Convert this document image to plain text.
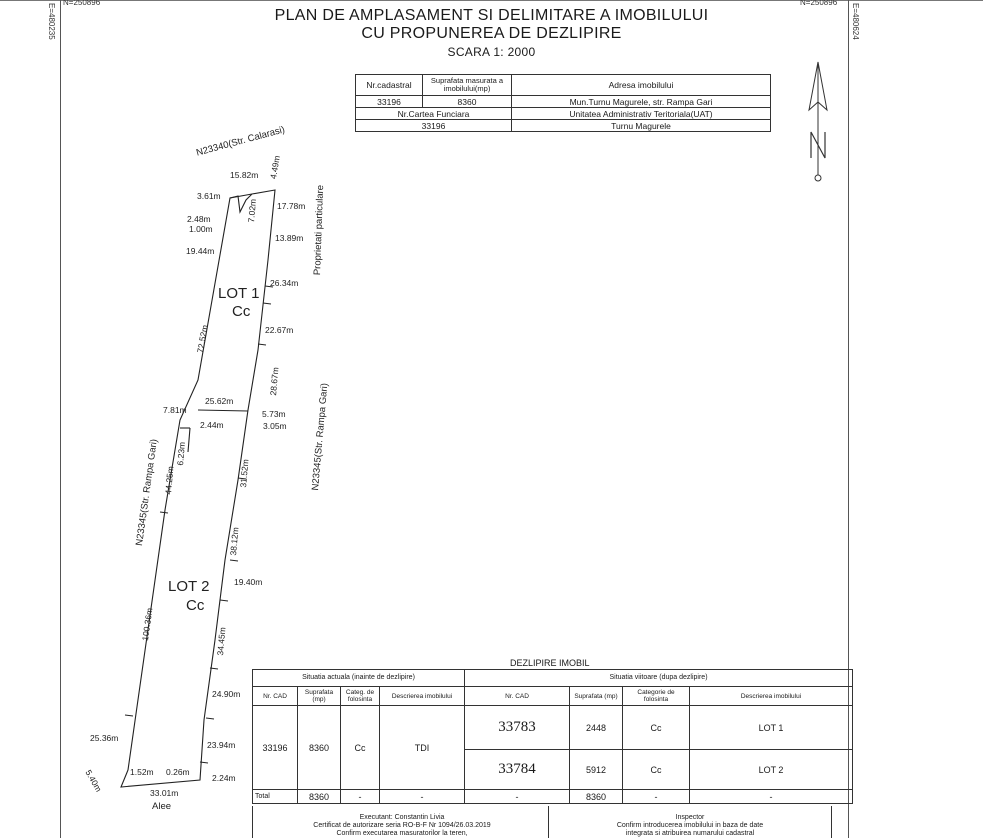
N=250896	N=250896
E=480235	E=480624
PLAN DE AMPLASAMENT SI DELIMITARE A IMOBILULUI
CU PROPUNEREA DE DEZLIPIRE
SCARA 1: 2000
Nr.cadastral	Suprafata masurata a imobilului(mp)	Adresa imobilului
33196	8360	Mun.Turnu Magurele, str. Rampa Gari
Nr.Cartea Funciara		Unitatea Administrativ Teritoriala(UAT)
33196		Turnu Magurele
N23340(Str. Calarasi)
Proprietati particulare
N23345(Str. Rampa Gari)
N23345(Str. Rampa Gari)
Alee
LOT 1
Cc
LOT 2
Cc
4.49m
15.82m
3.61m
7.02m 17.78m
2.48m
1.00m
13.89m
19.44m
26.34m
22.67m
72.52m
28.67m
25.62m
7.81m	5.73m
2.44m	3.05m
6.23m
31.52m
44.25m
38.12m
19.40m
100.36m	34.45m
24.90m
25.36m
23.94m
1.52m 0.26m
2.24m
5.40m	33.01m
DEZLIPIRE IMOBIL
Situatia actuala (inainte de dezlipire)				Situatia viitoare (dupa dezlipire)			
Nr. CAD	Suprafata (mp)	Categ. de folosinta	Descrierea imobilului	Nr. CAD	Suprafata (mp)	Categorie de folosinta	Descrierea imobilului
33196	8360	Cc	TDI	33783	2448	Cc	LOT 1
				33784	5912	Cc	LOT 2
Total	8360	-	-	-	8360	-	-
Executant: Constantin Livia
Certificat de autorizare seria RO-B-F Nr 1094/26.03.2019
Confirm executarea masuratorilor la teren,
Inspector
Confirm introducerea imobilului in baza de date
integrata si atribuirea numarului cadastral
